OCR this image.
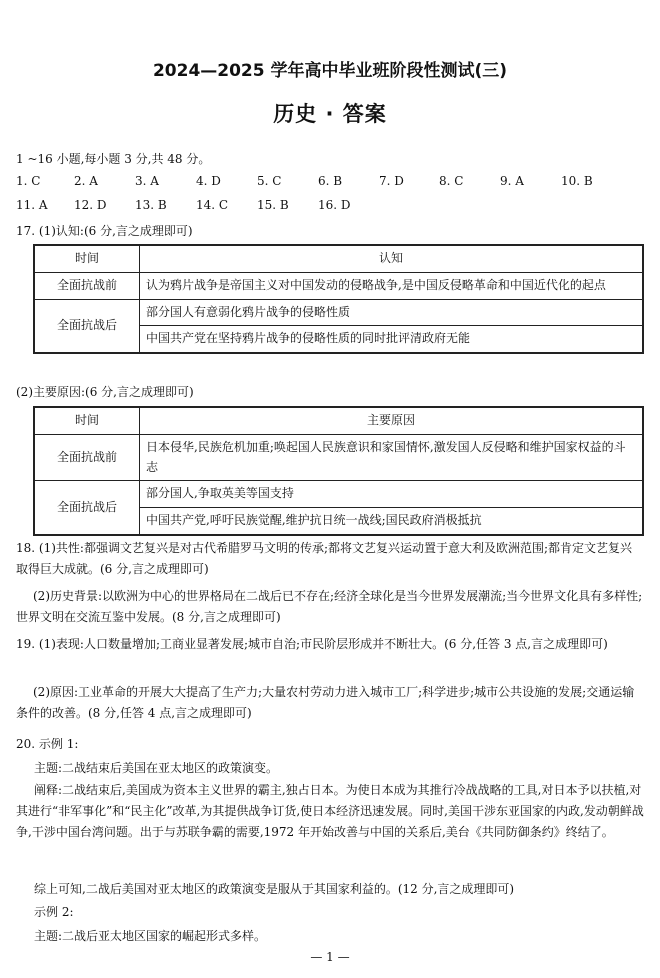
2024—2025 学年高中毕业班阶段性测试(三)
历史 · 答案
1 ~16 小题,每小题 3 分,共 48 分。
1. C	2. A	3. A	4. D	5. C	6. B	7. D	8. C	9. A	10. B
11. A 12. D 13. B 14. C 15. B 16. D
17. (1)认知:(6 分,言之成理即可)
时间	认知
全面抗战前	认为鸦片战争是帝国主义对中国发动的侵略战争,是中国反侵略革命和中国近代化的起点
全面抗战后	部分国人有意弱化鸦片战争的侵略性质
	中国共产党在坚持鸦片战争的侵略性质的同时批评清政府无能
(2)主要原因:(6 分,言之成理即可)
时间	主要原因
全面抗战前	日本侵华,民族危机加重;唤起国人民族意识和家国情怀,激发国人反侵略和维护国家权益的斗志
全面抗战后	部分国人,争取英美等国支持
	中国共产党,呼吁民族觉醒,维护抗日统一战线;国民政府消极抵抗
18. (1)共性:都强调文艺复兴是对古代希腊罗马文明的传承;都将文艺复兴运动置于意大利及欧洲范围;都肯定文艺复兴取得巨大成就。(6 分,言之成理即可)
(2)历史背景:以欧洲为中心的世界格局在二战后已不存在;经济全球化是当今世界发展潮流;当今世界文化具有多样性;世界文明在交流互鉴中发展。(8 分,言之成理即可)
19. (1)表现:人口数量增加;工商业显著发展;城市自治;市民阶层形成并不断壮大。(6 分,任答 3 点,言之成理即可)
(2)原因:工业革命的开展大大提高了生产力;大量农村劳动力进入城市工厂;科学进步;城市公共设施的发展;交通运输条件的改善。(8 分,任答 4 点,言之成理即可)
20. 示例 1:
主题:二战结束后美国在亚太地区的政策演变。
阐释:二战结束后,美国成为资本主义世界的霸主,独占日本。为使日本成为其推行冷战战略的工具,对日本予以扶植,对其进行“非军事化”和“民主化”改革,为其提供战争订货,使日本经济迅速发展。同时,美国干涉东亚国家的内政,发动朝鲜战争,干涉中国台湾问题。出于与苏联争霸的需要,1972 年开始改善与中国的关系后,美台《共同防御条约》终结了。
综上可知,二战后美国对亚太地区的政策演变是服从于其国家利益的。(12 分,言之成理即可)
示例 2:
主题:二战后亚太地区国家的崛起形式多样。
— 1 —
